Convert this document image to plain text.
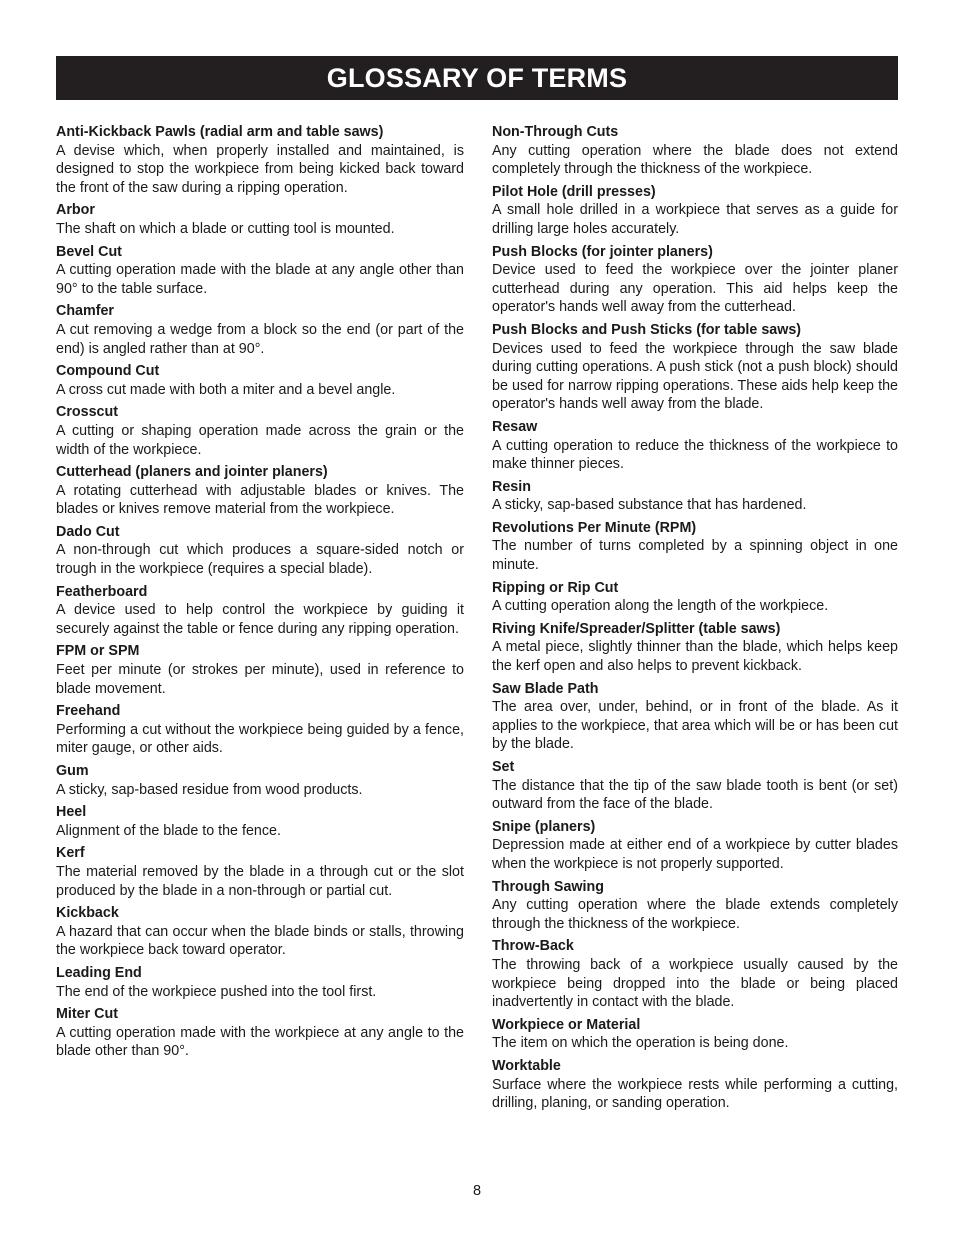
GLOSSARY OF TERMS
Anti-Kickback Pawls (radial arm and table saws)
A devise which, when properly installed and maintained, is designed to stop the workpiece from being kicked back toward the front of the saw during a ripping operation.
Arbor
The shaft on which a blade or cutting tool is mounted.
Bevel Cut
A cutting operation made with the blade at any angle other than 90° to the table surface.
Chamfer
A cut removing a wedge from a block so the end (or part of the end) is angled rather than at 90°.
Compound Cut
A cross cut made with both a miter and a bevel angle.
Crosscut
A cutting or shaping operation made across the grain or the width of the workpiece.
Cutterhead (planers and jointer planers)
A rotating cutterhead with adjustable blades or knives. The blades or knives remove material from the workpiece.
Dado Cut
A non-through cut which produces a square-sided notch or trough in the workpiece (requires a special blade).
Featherboard
A device used to help control the workpiece by guiding it securely against the table or fence during any ripping operation.
FPM or SPM
Feet per minute (or strokes per minute), used in reference to blade movement.
Freehand
Performing a cut without the workpiece being guided by a fence, miter gauge, or other aids.
Gum
A sticky, sap-based residue from wood products.
Heel
Alignment of the blade to the fence.
Kerf
The material removed by the blade in a through cut or the slot produced by the blade in a non-through or partial cut.
Kickback
A hazard that can occur when the blade binds or stalls, throwing the workpiece back toward operator.
Leading End
The end of the workpiece pushed into the tool first.
Miter Cut
A cutting operation made with the workpiece at any angle to the blade other than 90°.
Non-Through Cuts
Any cutting operation where the blade does not extend completely through the thickness of the workpiece.
Pilot Hole (drill presses)
A small hole drilled in a workpiece that serves as a guide for drilling large holes accurately.
Push Blocks (for jointer planers)
Device used to feed the workpiece over the jointer planer cutterhead during any operation. This aid helps keep the operator's hands well away from the cutterhead.
Push Blocks and Push Sticks (for table saws)
Devices used to feed the workpiece through the saw blade during cutting operations. A push stick (not a push block) should be used for narrow ripping operations. These aids help keep the operator's hands well away from the blade.
Resaw
A cutting operation to reduce the thickness of the workpiece to make thinner pieces.
Resin
A sticky, sap-based substance that has hardened.
Revolutions Per Minute (RPM)
The number of turns completed by a spinning object in one minute.
Ripping or Rip Cut
A cutting operation along the length of the workpiece.
Riving Knife/Spreader/Splitter (table saws)
A metal piece, slightly thinner than the blade, which helps keep the kerf open and also helps to prevent kickback.
Saw Blade Path
The area over, under, behind, or in front of the blade. As it applies to the workpiece, that area which will be or has been cut by the blade.
Set
The distance that the tip of the saw blade tooth is bent (or set) outward from the face of the blade.
Snipe (planers)
Depression made at either end of a workpiece by cutter blades when the workpiece is not properly supported.
Through Sawing
Any cutting operation where the blade extends completely through the thickness of the workpiece.
Throw-Back
The throwing back of a workpiece usually caused by the workpiece being dropped into the blade or being placed inadvertently in contact with the blade.
Workpiece or Material
The item on which the operation is being done.
Worktable
Surface where the workpiece rests while performing a cutting, drilling, planing, or sanding operation.
8
